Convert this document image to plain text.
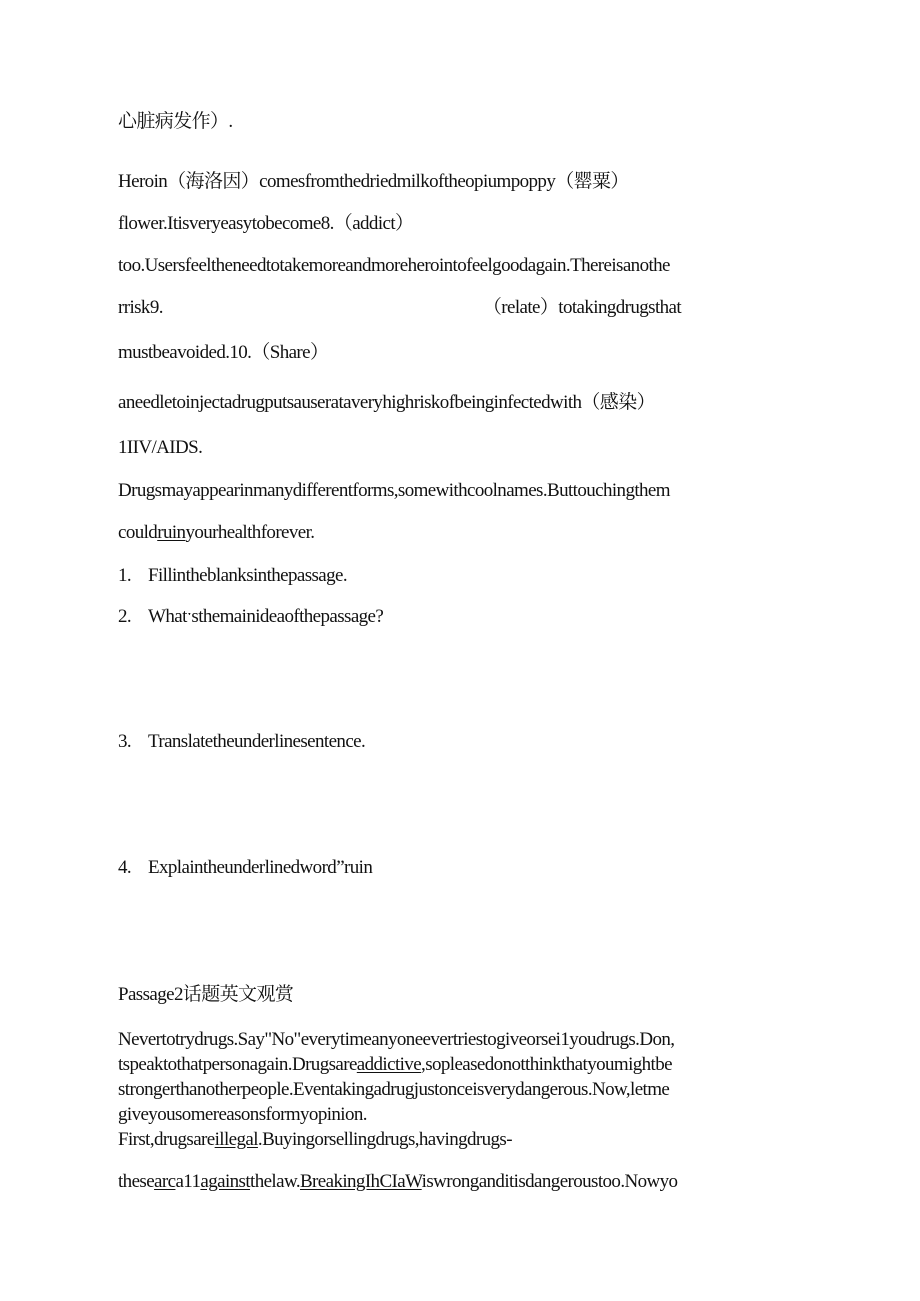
心脏病发作）.
Heroin（海洛因）comesfromthedriedmilkoftheopiumpoppy（罂粟）
flower.Itisveryeasytobecome8.（addict）
too.Usersfeeltheneedtotakemoreandmoreherointofeelgoodagain.Thereisanothe
rrisk9.	（relate）totakingdrugsthat
mustbeavoided.10.（Share）
aneedletoinjectadrugputsauseratavery​highriskofbeinginfectedwith（感染）
1IIV/AIDS.
Drugsmayappearinmanydifferentforms,somewithcoolnames.Buttouchingthem
couldruinyourhealthforever.
1. Fillintheblanksinthepassage.
2. Whatˑsthemainideaofthepassage?
3. Translatetheunderlinesentence.
4. Explaintheunderlinedword”ruin
Passage2话题英文观赏
Nevertotrydrugs.Say"No"everytimeanyoneevertriestogiveorsei1youdrugs.Don,
tspeaktothatpersonagain.Drugsareaddictive,sopleasedonotthinkthatyoumightbe
strongerthanotherpeople.Eventakingadrugjustonceisverydangerous.Now,letme
giveyousomereasonsformyopinion.
First,drugsareillegal.Buyingorsellingdrugs,havingdrugs-
thesearca11againstthelaw.BreakingIhCIaWiswrongandit​isdangeroustoo.Nowyo
